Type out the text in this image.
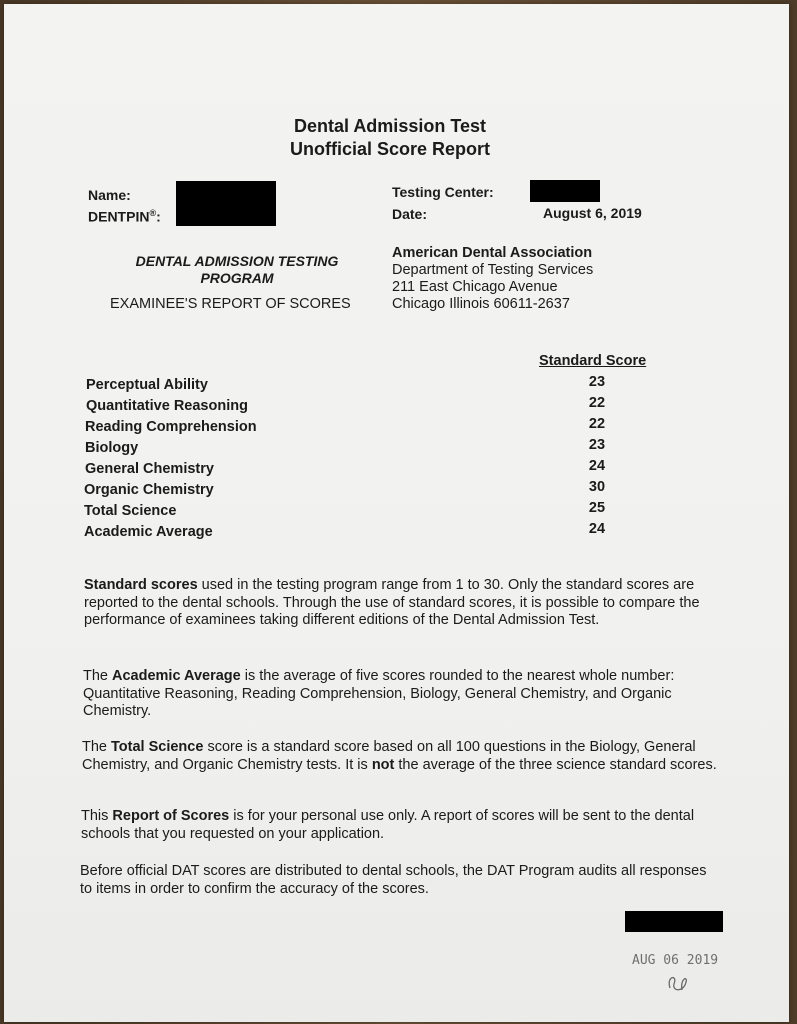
Dental Admission Test
Unofficial Score Report
Name:
DENTPIN®:
Testing Center:
Date:	August 6, 2019
DENTAL ADMISSION TESTING
PROGRAM
EXAMINEE'S REPORT OF SCORES
American Dental Association
Department of Testing Services
211 East Chicago Avenue
Chicago Illinois 60611-2637
Standard Score
Perceptual Ability	23
Quantitative Reasoning	22
Reading Comprehension	22
Biology	23
General Chemistry	24
Organic Chemistry	30
Total Science	25
Academic Average	24
Standard scores used in the testing program range from 1 to 30. Only the standard scores are reported to the dental schools. Through the use of standard scores, it is possible to compare the performance of examinees taking different editions of the Dental Admission Test.
The Academic Average is the average of five scores rounded to the nearest whole number: Quantitative Reasoning, Reading Comprehension, Biology, General Chemistry, and Organic Chemistry.
The Total Science score is a standard score based on all 100 questions in the Biology, General Chemistry, and Organic Chemistry tests. It is not the average of the three science standard scores.
This Report of Scores is for your personal use only. A report of scores will be sent to the dental schools that you requested on your application.
Before official DAT scores are distributed to dental schools, the DAT Program audits all responses to items in order to confirm the accuracy of the scores.
AUG 06 2019
